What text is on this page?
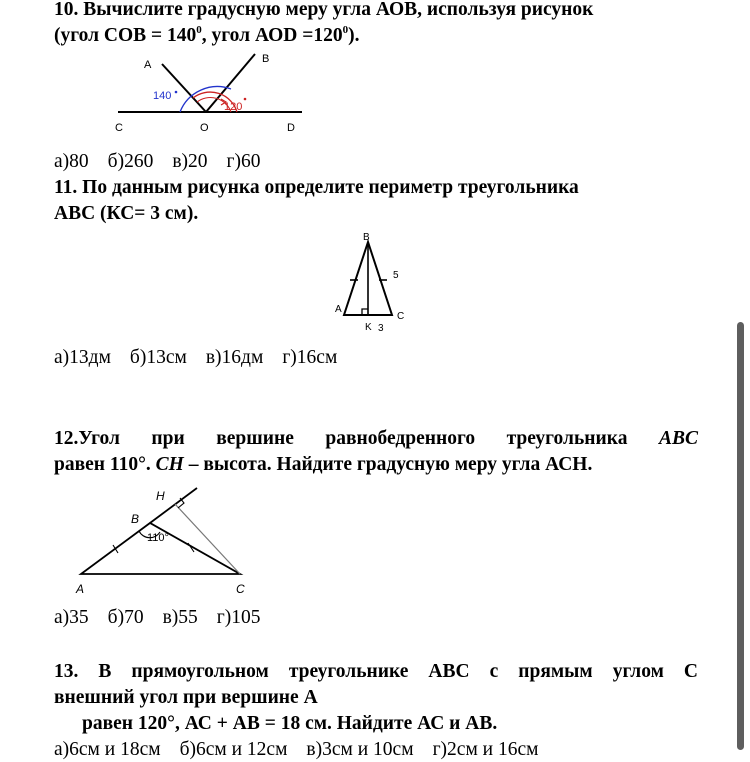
10. Вычислите градусную меру угла АОВ, используя рисунок

(угол СОВ = $140^0$, угол АОD $=120^0$).

A	B
C	O	D
140
120

а)80 б)260 в)20 г)60

11. По данным рисунка определите периметр треугольника

АВС (КС= 3 см).

B
A
C
K 3
5

а)13дм б)13см в)16дм г)16см

12.Угол при вершине равнобедренного треугольника ABC

равен 110°. CH – высота. Найдите градусную меру угла АСН.

H
B
A	C
110°

а)35 б)70 в)55 г)105

13. В прямоугольном треугольнике ABC с прямым углом С

внешний угол при вершине А

равен 120°, АС + АВ = 18 см. Найдите АС и АВ.

а)6см и 18см б)6см и 12см в)3см и 10см г)2см и 16см
